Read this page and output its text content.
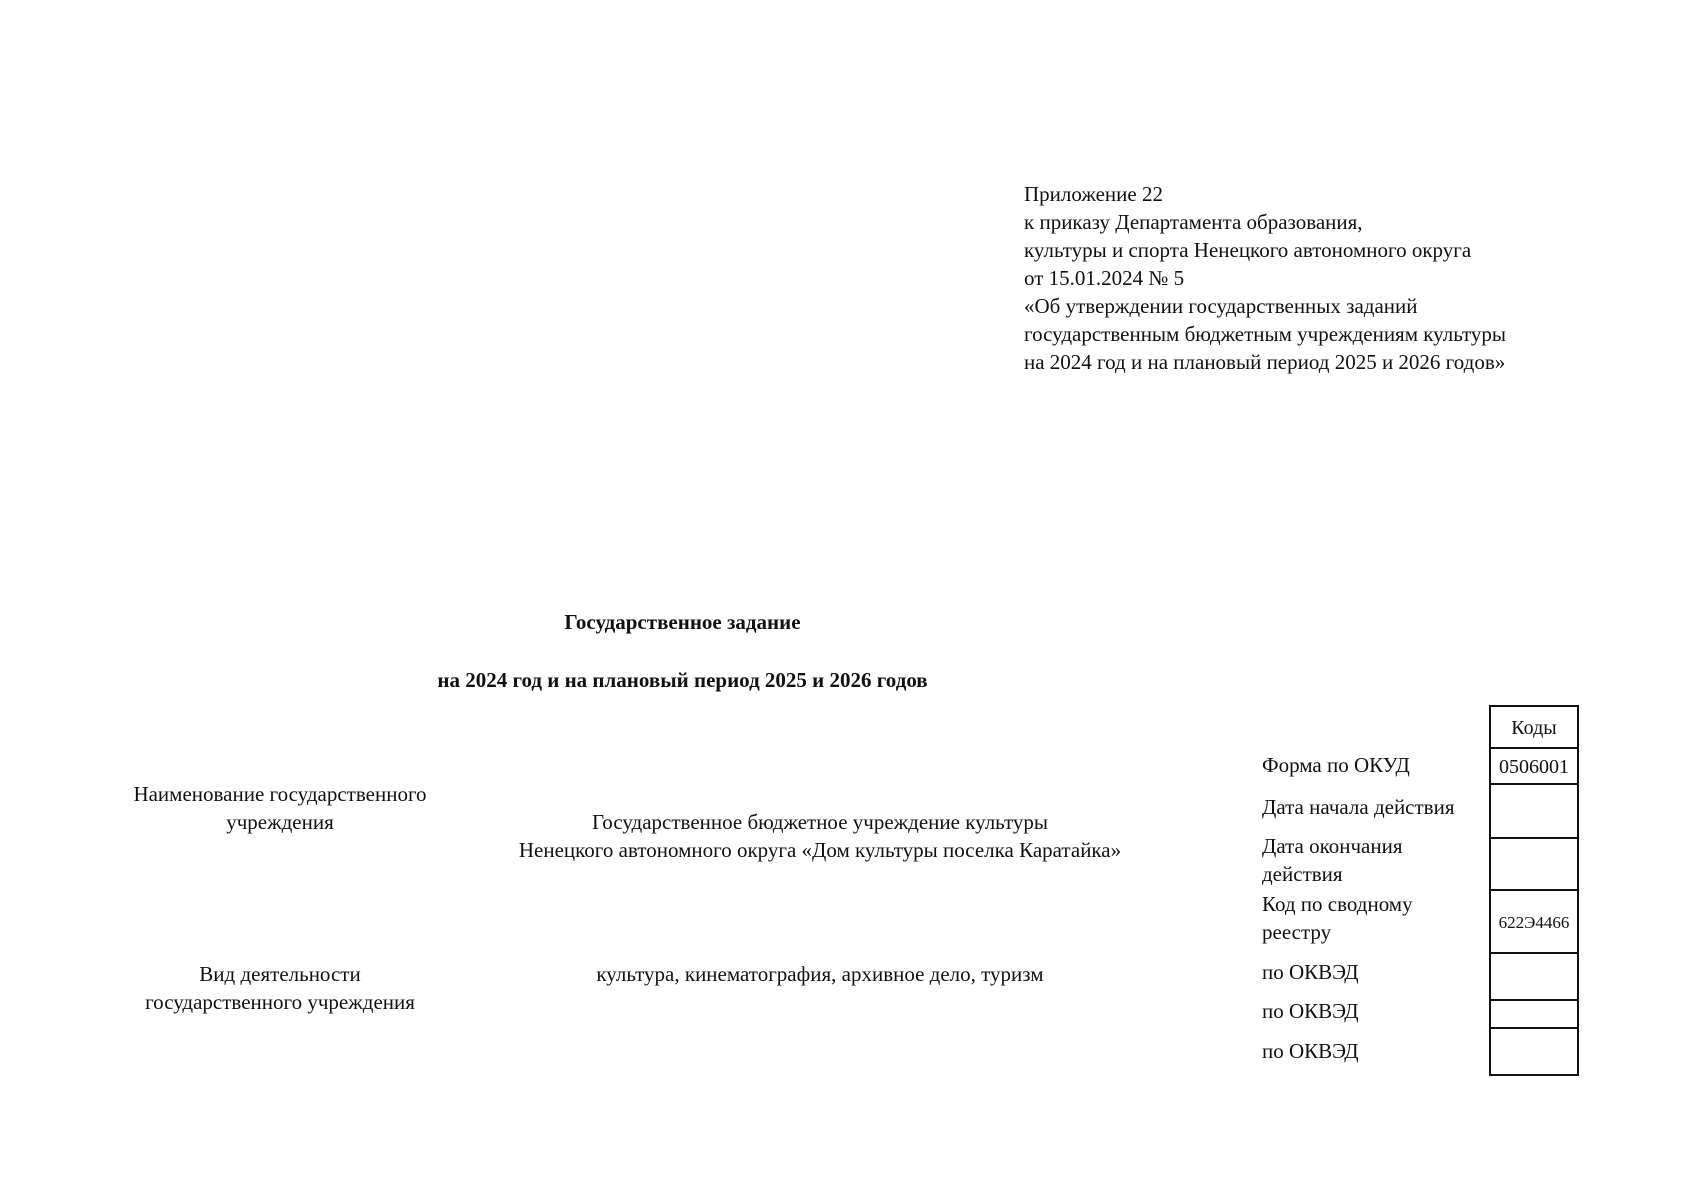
Приложение 22
к приказу Департамента образования,
культуры и спорта Ненецкого автономного округа
от 15.01.2024 № 5
«Об утверждении государственных заданий
государственным бюджетным учреждениям культуры
на 2024 год и на плановый период 2025 и 2026 годов»
Государственное задание
на 2024 год и на плановый период 2025 и 2026 годов
Наименование государственного
учреждения	Государственное бюджетное учреждение культуры
Ненецкого автономного округа «Дом культуры поселка Каратайка»
Вид деятельности
государственного учреждения
культура, кинематография, архивное дело, туризм
Форма по ОКУД
Дата начала действия
Дата окончания
действия
Код по сводному
реестру
по ОКВЭД
по ОКВЭД
по ОКВЭД
Коды
0506001
622Э4466
